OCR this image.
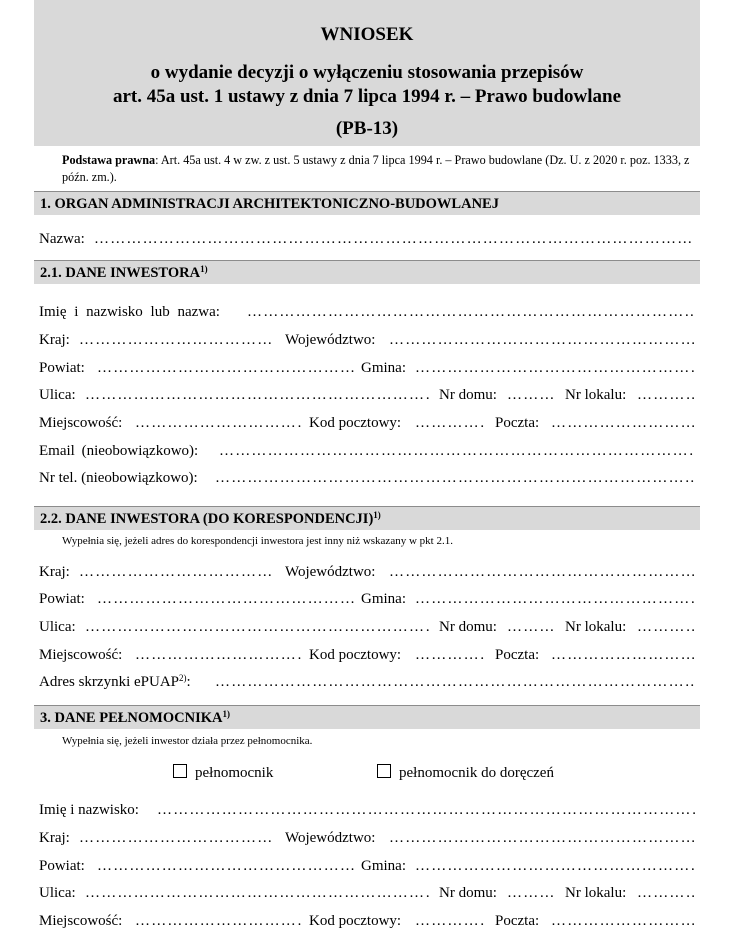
WNIOSEK
o wydanie decyzji o wyłączeniu stosowania przepisów
art. 45a ust. 1 ustawy z dnia 7 lipca 1994 r. – Prawo budowlane
(PB-13)
Podstawa prawna: Art. 45a ust. 4 w zw. z ust. 5 ustawy z dnia 7 lipca 1994 r. – Prawo budowlane (Dz. U. z 2020 r. poz. 1333, z późn. zm.).
1. ORGAN ADMINISTRACJI ARCHITEKTONICZNO-BUDOWLANEJ
Nazwa:
………………………………………………………………………………………………………………………………………………………………………………………
2.1. DANE INWESTORA$^{1)}$
Imię i nazwisko lub nazwa:
………………………………………………………………………………………………………………………………………………………………………………………
Kraj: ………………………………………………………………………………………………………………………………………………………………………………………	Województwo:
………………………………………………………………………………………………………………………………………………………………………………………
Powiat: ………………………………………………………………………………………………………………………………………………………………………………………	Gmina:
………………………………………………………………………………………………………………………………………………………………………………………
Ulica: ………………………………………………………………………………………………………………………………………………………………………………………	Nr domu: ………………………………………………………………………………………………………………………………………………………………………………………	Nr lokalu:
………………………………………………………………………………………………………………………………………………………………………………………
Miejscowość: ………………………………………………………………………………………………………………………………………………………………………………………	Kod pocztowy: ………………………………………………………………………………………………………………………………………………………………………………………	Poczta:
………………………………………………………………………………………………………………………………………………………………………………………
Email (nieobowiązkowo):
………………………………………………………………………………………………………………………………………………………………………………………
Nr tel. (nieobowiązkowo):
………………………………………………………………………………………………………………………………………………………………………………………
2.2. DANE INWESTORA (DO KORESPONDENCJI)$^{1)}$
Wypełnia się, jeżeli adres do korespondencji inwestora jest inny niż wskazany w pkt 2.1.
Kraj: ………………………………………………………………………………………………………………………………………………………………………………………	Województwo:
………………………………………………………………………………………………………………………………………………………………………………………
Powiat: ………………………………………………………………………………………………………………………………………………………………………………………	Gmina:
………………………………………………………………………………………………………………………………………………………………………………………
Ulica: ………………………………………………………………………………………………………………………………………………………………………………………	Nr domu: ………………………………………………………………………………………………………………………………………………………………………………………	Nr lokalu:
………………………………………………………………………………………………………………………………………………………………………………………
Miejscowość: ………………………………………………………………………………………………………………………………………………………………………………………	Kod pocztowy: ………………………………………………………………………………………………………………………………………………………………………………………	Poczta:
………………………………………………………………………………………………………………………………………………………………………………………
Adres skrzynki ePUAP$^{2)}$:
………………………………………………………………………………………………………………………………………………………………………………………
3. DANE PEŁNOMOCNIKA$^{1)}$
Wypełnia się, jeżeli inwestor działa przez pełnomocnika.
pełnomocnik	pełnomocnik do doręczeń
Imię i nazwisko:
………………………………………………………………………………………………………………………………………………………………………………………
Kraj: ………………………………………………………………………………………………………………………………………………………………………………………	Województwo:
………………………………………………………………………………………………………………………………………………………………………………………
Powiat: ………………………………………………………………………………………………………………………………………………………………………………………	Gmina:
………………………………………………………………………………………………………………………………………………………………………………………
Ulica: ………………………………………………………………………………………………………………………………………………………………………………………	Nr domu: ………………………………………………………………………………………………………………………………………………………………………………………	Nr lokalu:
………………………………………………………………………………………………………………………………………………………………………………………
Miejscowość: ………………………………………………………………………………………………………………………………………………………………………………………	Kod pocztowy: ………………………………………………………………………………………………………………………………………………………………………………………	Poczta:
………………………………………………………………………………………………………………………………………………………………………………………
